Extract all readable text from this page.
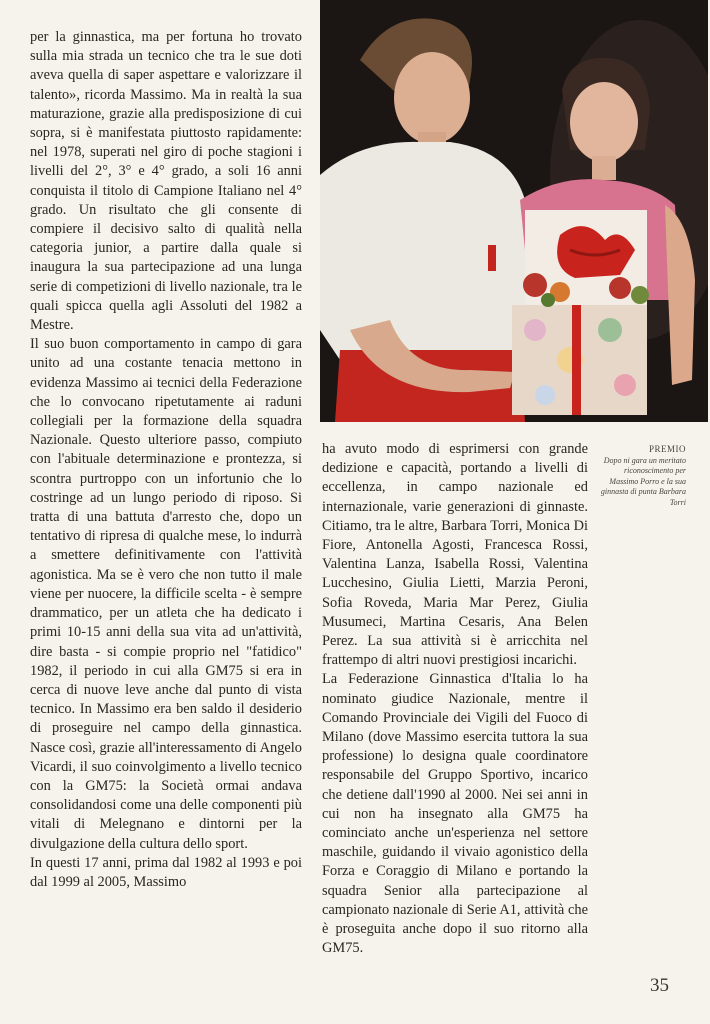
per la ginnastica, ma per fortuna ho trovato sulla mia strada un tecnico che tra le sue doti aveva quella di saper aspettare e valorizzare il talento», ricorda Massimo. Ma in realtà la sua maturazione, grazie alla predisposizione di cui sopra, si è manifestata piuttosto rapidamente: nel 1978, superati nel giro di poche stagioni i livelli del 2°, 3° e 4° grado, a soli 16 anni conquista il titolo di Campione Italiano nel 4° grado. Un risultato che gli consente di compiere il decisivo salto di qualità nella categoria junior, a partire dalla quale si inaugura la sua partecipazione ad una lunga serie di competizioni di livello nazionale, tra le quali spicca quella agli Assoluti del 1982 a Mestre.

Il suo buon comportamento in campo di gara unito ad una costante tenacia mettono in evidenza Massimo ai tecnici della Federazione che lo convocano ripetutamente ai raduni collegiali per la formazione della squadra Nazionale. Questo ulteriore passo, compiuto con l'abituale determinazione e prontezza, si scontra purtroppo con un infortunio che lo costringe ad un lungo periodo di riposo. Si tratta di una battuta d'arresto che, dopo un tentativo di ripresa di qualche mese, lo indurrà a smettere definitivamente con l'attività agonistica. Ma se è vero che non tutto il male viene per nuocere, la difficile scelta - è sempre drammatico, per un atleta che ha dedicato i primi 10-15 anni della sua vita ad un'attività, dire basta - si compie proprio nel "fatidico" 1982, il periodo in cui alla GM75 si era in cerca di nuove leve anche dal punto di vista tecnico. In Massimo era ben saldo il desiderio di proseguire nel campo della ginnastica. Nasce così, grazie all'interessamento di Angelo Vicardi, il suo coinvolgimento a livello tecnico con la GM75: la Società ormai andava consolidandosi come una delle componenti più vitali di Melegnano e dintorni per la divulgazione della cultura dello sport.

In questi 17 anni, prima dal 1982 al 1993 e poi dal 1999 al 2005, Massimo

ha avuto modo di esprimersi con grande dedizione e capacità, portando a livelli di eccellenza, in campo nazionale ed internazionale, varie generazioni di ginnaste. Citiamo, tra le altre, Barbara Torri, Monica Di Fiore, Antonella Agosti, Francesca Rossi, Valentina Lanza, Isabella Rossi, Valentina Lucchesino, Giulia Lietti, Marzia Peroni, Sofia Roveda, Maria Mar Perez, Giulia Musumeci, Martina Cesaris, Ana Belen Perez. La sua attività si è arricchita nel frattempo di altri nuovi prestigiosi incarichi.

La Federazione Ginnastica d'Italia lo ha nominato giudice Nazionale, mentre il Comando Provinciale dei Vigili del Fuoco di Milano (dove Massimo esercita tuttora la sua professione) lo designa quale coordinatore responsabile del Gruppo Sportivo, incarico che detiene dall'1990 al 2000. Nei sei anni in cui non ha insegnato alla GM75 ha cominciato anche un'esperienza nel settore maschile, guidando il vivaio agonistico della Forza e Coraggio di Milano e portando la squadra Senior alla partecipazione al campionato nazionale di Serie A1, attività che è proseguita anche dopo il suo ritorno alla GM75.

PREMIO
Dopo ni gara un meritato riconoscimento per Massimo Porro e la sua ginnasta di punta Barbara Torri
35
